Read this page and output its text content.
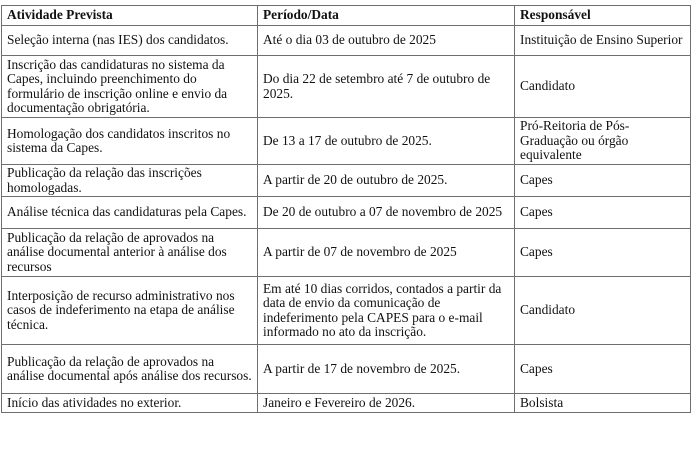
Atividade Prevista	Período/Data	Responsável
Seleção interna (nas IES) dos candidatos.	Até o dia 03 de outubro de 2025	Instituição de Ensino Superior
Inscrição das candidaturas no sistema da Capes, incluindo preenchimento do formulário de inscrição online e envio da documentação obrigatória.	Do dia 22 de setembro até 7 de outubro de 2025.	Candidato
Homologação dos candidatos inscritos no sistema da Capes.	De 13 a 17 de outubro de 2025.	Pró-Reitoria de Pós-Graduação ou órgão equivalente
Publicação da relação das inscrições homologadas.	A partir de 20 de outubro de 2025.	Capes
Análise técnica das candidaturas pela Capes.	De 20 de outubro a 07 de novembro de 2025	Capes
Publicação da relação de aprovados na análise documental anterior à análise dos recursos	A partir de 07 de novembro de 2025	Capes
Interposição de recurso administrativo nos casos de indeferimento na etapa de análise técnica.	Em até 10 dias corridos, contados a partir da data de envio da comunicação de indeferimento pela CAPES para o e-mail informado no ato da inscrição.	Candidato
Publicação da relação de aprovados na análise documental após análise dos recursos.	A partir de 17 de novembro de 2025.	Capes
Início das atividades no exterior.	Janeiro e Fevereiro de 2026.	Bolsista
